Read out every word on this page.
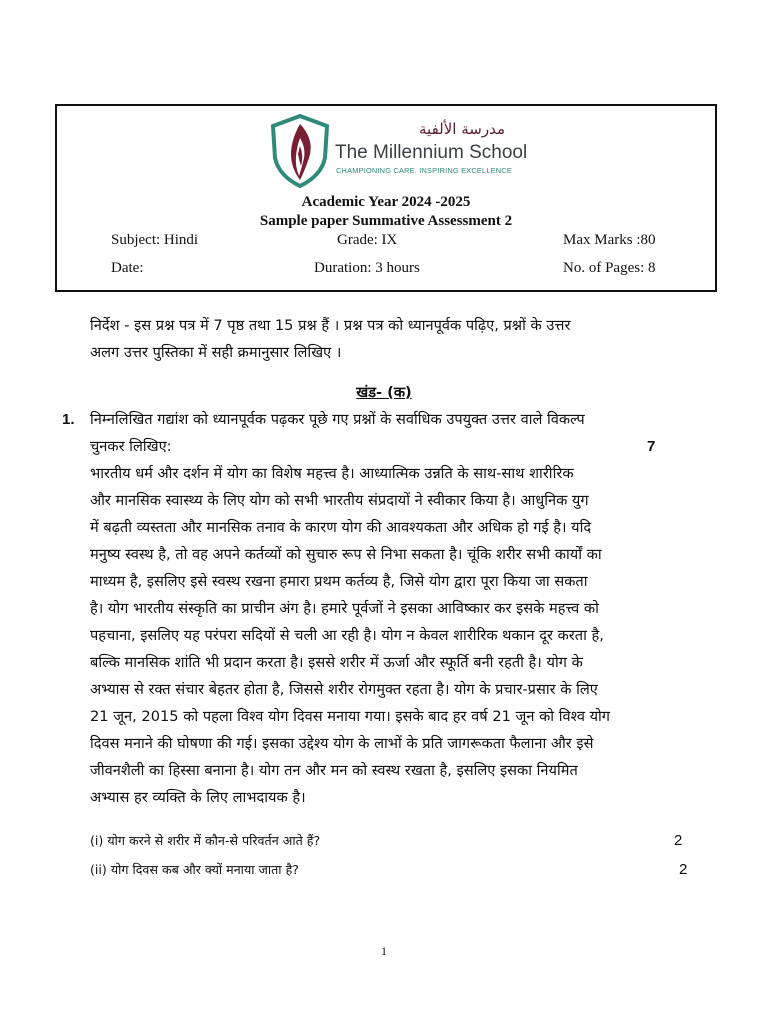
مدرسة الألفية
The Millennium School
CHAMPIONING CARE. INSPIRING EXCELLENCE
Academic Year 2024 -2025
Sample paper Summative Assessment 2
Subject: Hindi	Grade: IX	Max Marks :80
Date:	Duration: 3 hours	No. of Pages: 8
निर्देश - इस प्रश्न पत्र में 7 पृष्ठ तथा 15 प्रश्न हैं । प्रश्न पत्र को ध्यानपूर्वक पढ़िए, प्रश्नों के उत्तर
अलग उत्तर पुस्तिका में सही क्रमानुसार लिखिए ।
खंड- (क)
1. निम्नलिखित गद्यांश को ध्यानपूर्वक पढ़कर पूछे गए प्रश्नों के सर्वाधिक उपयुक्त उत्तर वाले विकल्प
चुनकर लिखिए:	7
भारतीय धर्म और दर्शन में योग का विशेष महत्त्व है। आध्यात्मिक उन्नति के साथ-साथ शारीरिक
और मानसिक स्वास्थ्य के लिए योग को सभी भारतीय संप्रदायों ने स्वीकार किया है। आधुनिक युग
में बढ़ती व्यस्तता और मानसिक तनाव के कारण योग की आवश्यकता और अधिक हो गई है। यदि
मनुष्य स्वस्थ है, तो वह अपने कर्तव्यों को सुचारु रूप से निभा सकता है। चूंकि शरीर सभी कार्यों का
माध्यम है, इसलिए इसे स्वस्थ रखना हमारा प्रथम कर्तव्य है, जिसे योग द्वारा पूरा किया जा सकता
है। योग भारतीय संस्कृति का प्राचीन अंग है। हमारे पूर्वजों ने इसका आविष्कार कर इसके महत्त्व को
पहचाना, इसलिए यह परंपरा सदियों से चली आ रही है। योग न केवल शारीरिक थकान दूर करता है,
बल्कि मानसिक शांति भी प्रदान करता है। इससे शरीर में ऊर्जा और स्फूर्ति बनी रहती है। योग के
अभ्यास से रक्त संचार बेहतर होता है, जिससे शरीर रोगमुक्त रहता है। योग के प्रचार-प्रसार के लिए
21 जून, 2015 को पहला विश्व योग दिवस मनाया गया। इसके बाद हर वर्ष 21 जून को विश्व योग
दिवस मनाने की घोषणा की गई। इसका उद्देश्य योग के लाभों के प्रति जागरूकता फैलाना और इसे
जीवनशैली का हिस्सा बनाना है। योग तन और मन को स्वस्थ रखता है, इसलिए इसका नियमित
अभ्यास हर व्यक्ति के लिए लाभदायक है।
(i) योग करने से शरीर में कौन-से परिवर्तन आते हैं?	2
(ii) योग दिवस कब और क्यों मनाया जाता है?	2
1
